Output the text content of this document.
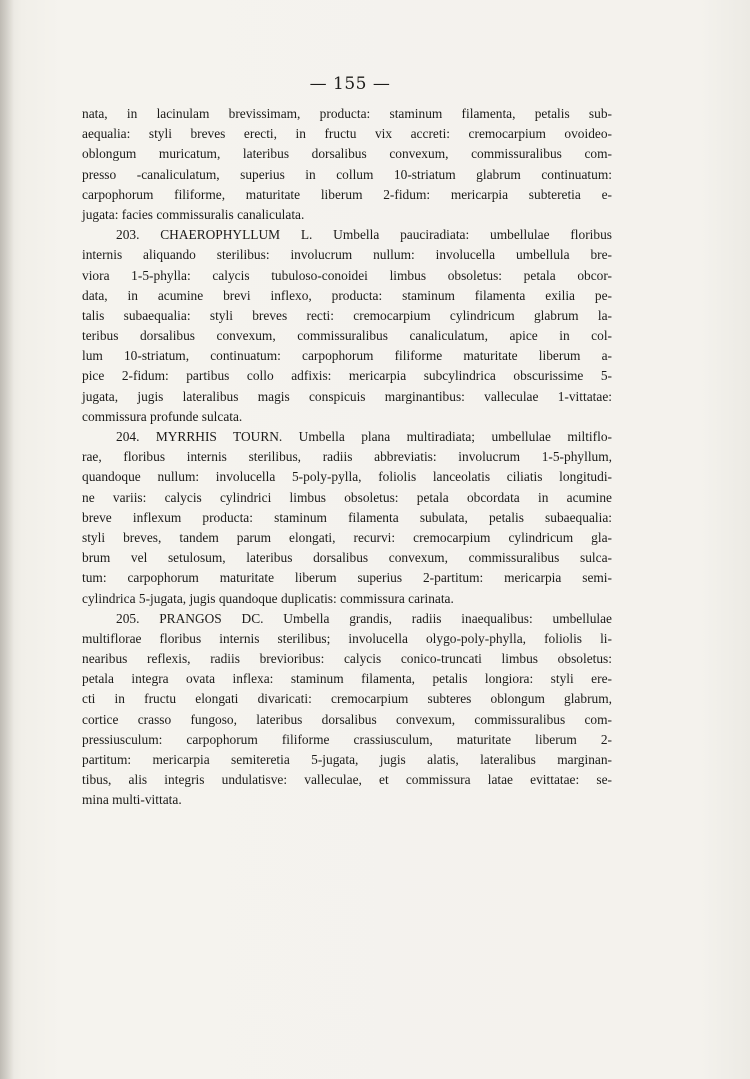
— 155 —
nata, in lacinulam brevissimam, producta: staminum filamenta, petalis sub-
aequalia: styli breves erecti, in fructu vix accreti: cremocarpium ovoideo-
oblongum muricatum, lateribus dorsalibus convexum, commissuralibus com-
presso -canaliculatum, superius in collum 10-striatum glabrum continuatum:
carpophorum filiforme, maturitate liberum 2-fidum: mericarpia subteretia e-
jugata: facies commissuralis canaliculata.
203. CHAEROPHYLLUM L. Umbella pauciradiata: umbellulae floribus
internis aliquando sterilibus: involucrum nullum: involucella umbellula bre-
viora 1-5-phylla: calycis tubuloso-conoidei limbus obsoletus: petala obcor-
data, in acumine brevi inflexo, producta: staminum filamenta exilia pe-
talis subaequalia: styli breves recti: cremocarpium cylindricum glabrum la-
teribus dorsalibus convexum, commissuralibus canaliculatum, apice in col-
lum 10-striatum, continuatum: carpophorum filiforme maturitate liberum a-
pice 2-fidum: partibus collo adfixis: mericarpia subcylindrica obscurissime 5-
jugata, jugis lateralibus magis conspicuis marginantibus: valleculae 1-vittatae:
commissura profunde sulcata.
204. MYRRHIS TOURN. Umbella plana multiradiata; umbellulae miltiflo-
rae, floribus internis sterilibus, radiis abbreviatis: involucrum 1-5-phyllum,
quandoque nullum: involucella 5-poly-pylla, foliolis lanceolatis ciliatis longitudi-
ne variis: calycis cylindrici limbus obsoletus: petala obcordata in acumine
breve inflexum producta: staminum filamenta subulata, petalis subaequalia:
styli breves, tandem parum elongati, recurvi: cremocarpium cylindricum gla-
brum vel setulosum, lateribus dorsalibus convexum, commissuralibus sulca-
tum: carpophorum maturitate liberum superius 2-partitum: mericarpia semi-
cylindrica 5-jugata, jugis quandoque duplicatis: commissura carinata.
205. PRANGOS DC. Umbella grandis, radiis inaequalibus: umbellulae
multiflorae floribus internis sterilibus; involucella olygo-poly-phylla, foliolis li-
nearibus reflexis, radiis brevioribus: calycis conico-truncati limbus obsoletus:
petala integra ovata inflexa: staminum filamenta, petalis longiora: styli ere-
cti in fructu elongati divaricati: cremocarpium subteres oblongum glabrum,
cortice crasso fungoso, lateribus dorsalibus convexum, commissuralibus com-
pressiusculum: carpophorum filiforme crassiusculum, maturitate liberum 2-
partitum: mericarpia semiteretia 5-jugata, jugis alatis, lateralibus marginan-
tibus, alis integris undulatisve: valleculae, et commissura latae evittatae: se-
mina multi-vittata.
